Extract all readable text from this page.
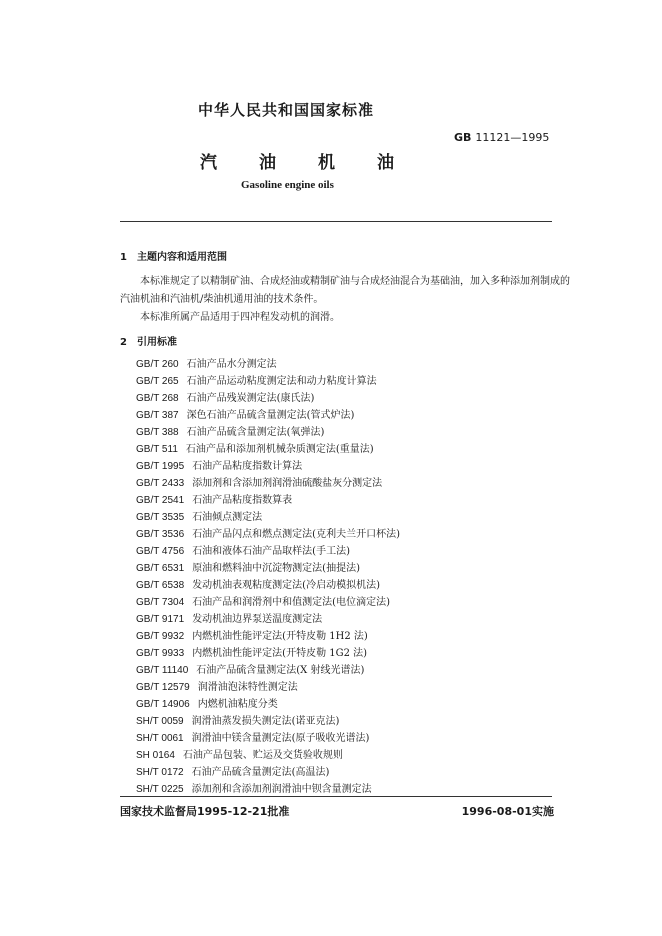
中华人民共和国国家标准
GB 11121—1995
汽油机油
Gasoline engine oils
1 主题内容和适用范围
本标准规定了以精制矿油、合成烃油或精制矿油与合成烃油混合为基础油，加入多种添加剂制成的
汽油机油和汽油机/柴油机通用油的技术条件。
本标准所属产品适用于四冲程发动机的润滑。
2 引用标准
GB/T 260 石油产品水分测定法
GB/T 265 石油产品运动粘度测定法和动力粘度计算法
GB/T 268 石油产品残炭测定法(康氏法)
GB/T 387 深色石油产品硫含量测定法(管式炉法)
GB/T 388 石油产品硫含量测定法(氧弹法)
GB/T 511 石油产品和添加剂机械杂质测定法(重量法)
GB/T 1995 石油产品粘度指数计算法
GB/T 2433 添加剂和含添加剂润滑油硫酸盐灰分测定法
GB/T 2541 石油产品粘度指数算表
GB/T 3535 石油倾点测定法
GB/T 3536 石油产品闪点和燃点测定法(克利夫兰开口杯法)
GB/T 4756 石油和液体石油产品取样法(手工法)
GB/T 6531 原油和燃料油中沉淀物测定法(抽提法)
GB/T 6538 发动机油表观粘度测定法(冷启动模拟机法)
GB/T 7304 石油产品和润滑剂中和值测定法(电位滴定法)
GB/T 9171 发动机油边界泵送温度测定法
GB/T 9932 内燃机油性能评定法(开特皮勒 1H2 法)
GB/T 9933 内燃机油性能评定法(开特皮勒 1G2 法)
GB/T 11140 石油产品硫含量测定法(X 射线光谱法)
GB/T 12579 润滑油泡沫特性测定法
GB/T 14906 内燃机油粘度分类
SH/T 0059 润滑油蒸发损失测定法(诺亚克法)
SH/T 0061 润滑油中镁含量测定法(原子吸收光谱法)
SH 0164 石油产品包装、贮运及交货验收规则
SH/T 0172 石油产品硫含量测定法(高温法)
SH/T 0225 添加剂和含添加剂润滑油中钡含量测定法
国家技术监督局1995-12-21批准	1996-08-01实施
